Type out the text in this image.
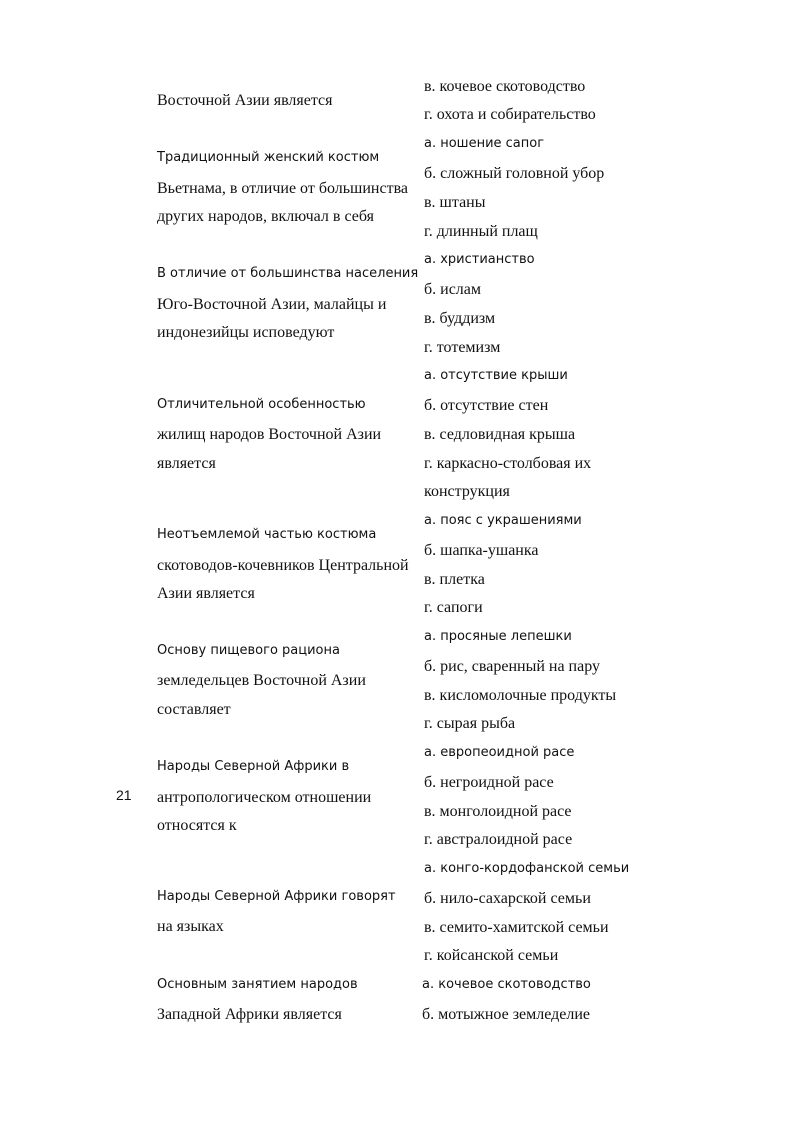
21
Восточной Азии является
в. кочевое скотоводство
г. охота и собирательство
Традиционный женский костюм
Вьетнама, в отличие от большинства
других народов, включал в себя
а. ношение сапог
б. сложный головной убор
в. штаны
г. длинный плащ
В отличие от большинства населения
Юго-Восточной Азии, малайцы и
индонезийцы исповедуют
а. христианство
б. ислам
в. буддизм
г. тотемизм
Отличительной особенностью
жилищ народов Восточной Азии
является
а. отсутствие крыши
б. отсутствие стен
в. седловидная крыша
г. каркасно-столбовая их
конструкция
Неотъемлемой частью костюма
скотоводов-кочевников Центральной
Азии является
а. пояс с украшениями
б. шапка-ушанка
в. плетка
г. сапоги
Основу пищевого рациона
земледельцев Восточной Азии
составляет
а. просяные лепешки
б. рис, сваренный на пару
в. кисломолочные продукты
г. сырая рыба
Народы Северной Африки в
антропологическом отношении
относятся к
а. европеоидной расе
б. негроидной расе
в. монголоидной расе
г. австралоидной расе
Народы Северной Африки говорят
на языках
а. конго-кордофанской семьи
б. нило-сахарской семьи
в. семито-хамитской семьи
г. койсанской семьи
Основным занятием народов
Западной Африки является
а. кочевое скотоводство
б. мотыжное земледелие
